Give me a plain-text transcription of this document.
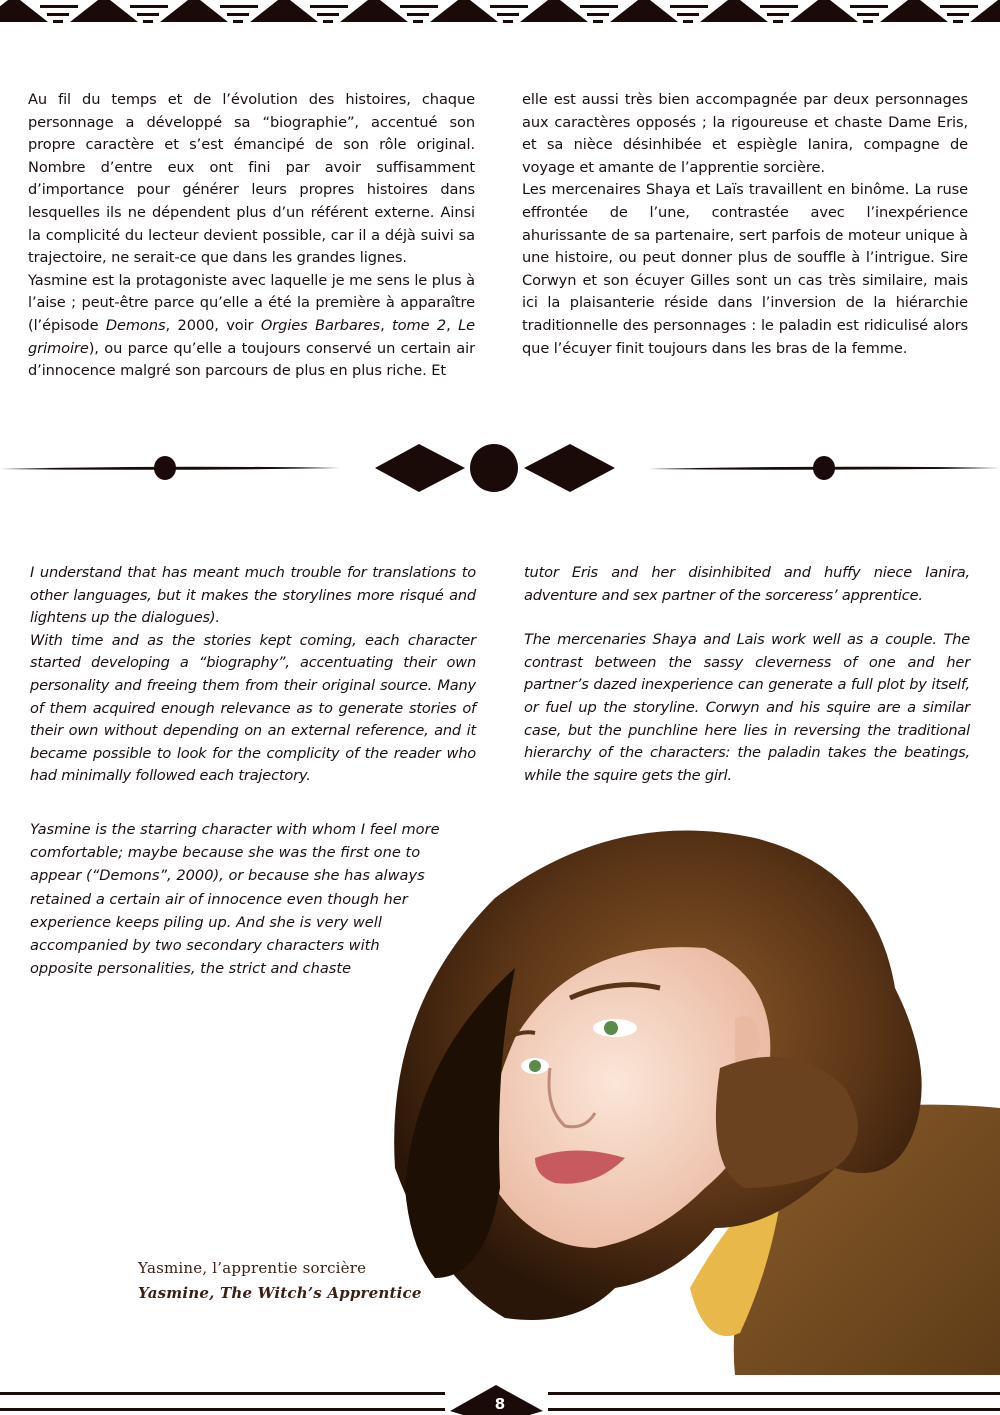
Au fil du temps et de l’évolution des histoires, chaque personnage a développé sa “biographie”, accentué son propre caractère et s’est émancipé de son rôle original. Nombre d’entre eux ont fini par avoir suffisamment d’importance pour générer leurs propres histoires dans lesquelles ils ne dépendent plus d’un référent externe. Ainsi la complicité du lecteur devient possible, car il a déjà suivi sa trajectoire, ne serait-ce que dans les grandes lignes.

Yasmine est la protagoniste avec laquelle je me sens le plus à l’aise ; peut-être parce qu’elle a été la première à apparaître (l’épisode Demons, 2000, voir Orgies Barbares, tome 2, Le grimoire), ou parce qu’elle a toujours conservé un certain air d’innocence malgré son parcours de plus en plus riche. Et

elle est aussi très bien accompagnée par deux personnages aux caractères opposés ; la rigoureuse et chaste Dame Eris, et sa nièce désinhibée et espiègle Ianira, compagne de voyage et amante de l’apprentie sorcière.

Les mercenaires Shaya et Laïs travaillent en binôme. La ruse effrontée de l’une, contrastée avec l’inexpérience ahurissante de sa partenaire, sert parfois de moteur unique à une histoire, ou peut donner plus de souffle à l’intrigue. Sire Corwyn et son écuyer Gilles sont un cas très similaire, mais ici la plaisanterie réside dans l’inversion de la hiérarchie traditionnelle des personnages : le paladin est ridiculisé alors que l’écuyer finit toujours dans les bras de la femme.

I understand that has meant much trouble for translations to other languages, but it makes the storylines more risqué and lightens up the dialogues).

With time and as the stories kept coming, each character started developing a “biography”, accentuating their own personality and freeing them from their original source. Many of them acquired enough relevance as to generate stories of their own without depending on an external reference, and it became possible to look for the complicity of the reader who had minimally followed each trajectory.

Yasmine is the starring character with whom I feel more
comfortable; maybe because she was the first one to
appear (“Demons”, 2000), or because she has always
retained a certain air of innocence even though her
experience keeps piling up. And she is very well
accompanied by two secondary characters with
opposite personalities, the strict and chaste

tutor Eris and her disinhibited and huffy niece Ianira, adventure and sex partner of the sorceress’ apprentice.

The mercenaries Shaya and Lais work well as a couple. The contrast between the sassy cleverness of one and her partner’s dazed inexperience can generate a full plot by itself, or fuel up the storyline. Corwyn and his squire are a similar case, but the punchline here lies in reversing the traditional hierarchy of the characters: the paladin takes the beatings, while the squire gets the girl.

Yasmine, l’apprentie sorcière
Yasmine, The Witch’s Apprentice
8
